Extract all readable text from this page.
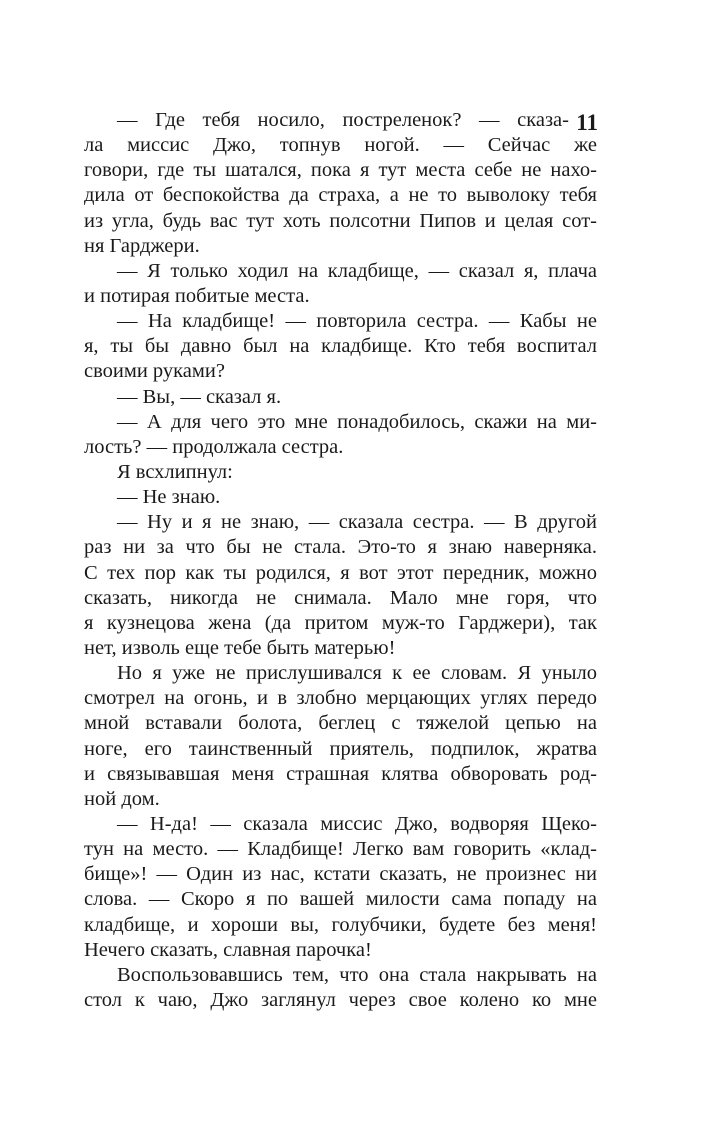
11
— Где тебя носило, постреленок? — сказа-
ла миссис Джо, топнув ногой. — Сейчас же
говори, где ты шатался, пока я тут места себе не нахо-
дила от беспокойства да страха, а не то выволоку тебя
из угла, будь вас тут хоть полсотни Пипов и целая сот-
ня Гарджери.
— Я только ходил на кладбище, — сказал я, плача
и потирая побитые места.
— На кладбище! — повторила сестра. — Кабы не
я, ты бы давно был на кладбище. Кто тебя воспитал
своими руками?
— Вы, — сказал я.
— А для чего это мне понадобилось, скажи на ми-
лость? — продолжала сестра.
Я всхлипнул:
— Не знаю.
— Ну и я не знаю, — сказала сестра. — В другой
раз ни за что бы не стала. Это-то я знаю наверняка.
С тех пор как ты родился, я вот этот передник, можно
сказать, никогда не снимала. Мало мне горя, что
я кузнецова жена (да притом муж-то Гарджери), так
нет, изволь еще тебе быть матерью!
Но я уже не прислушивался к ее словам. Я уныло
смотрел на огонь, и в злобно мерцающих углях передо
мной вставали болота, беглец с тяжелой цепью на
ноге, его таинственный приятель, подпилок, жратва
и связывавшая меня страшная клятва обворовать род-
ной дом.
— Н-да! — сказала миссис Джо, водворяя Щеко-
тун на место. — Кладбище! Легко вам говорить «клад-
бище»! — Один из нас, кстати сказать, не произнес ни
слова. — Скоро я по вашей милости сама попаду на
кладбище, и хороши вы, голубчики, будете без меня!
Нечего сказать, славная парочка!
Воспользовавшись тем, что она стала накрывать на
стол к чаю, Джо заглянул через свое колено ко мне
